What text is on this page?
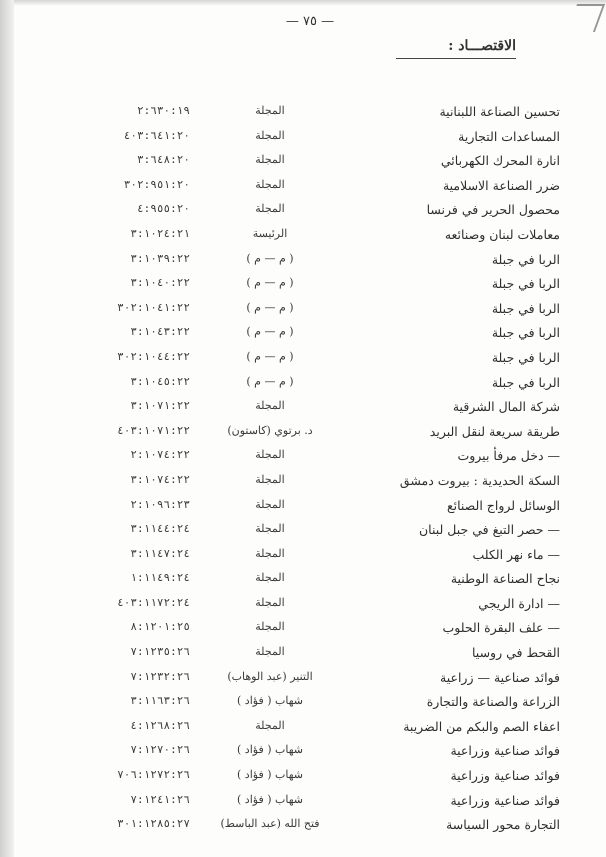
— ٧٥ —
الاقتصـــاد :
تحسين الصناعة اللبنانية
المجلة
٢:٦٣٠:١٩
المساعدات التجارية
المجلة
٤٠٣:٦٤١:٢٠
انارة المحرك الكهربائي
المجلة
٣:٦٤٨:٢٠
ضرر الصناعة الاسلامية
المجلة
٣٠٢:٩٥١:٢٠
محصول الحرير في فرنسا
المجلة
٤:٩٥٥:٢٠
معاملات لبنان وصنائعه
الرئيسة
٣:١٠٢٤:٢١
الربا في جبلة
( م — م )
٣:١٠٣٩:٢٢
الربا في جبلة
( م — م )
٣:١٠٤٠:٢٢
الربا في جبلة
( م — م )
٣٠٢:١٠٤١:٢٢
الربا في جبلة
( م — م )
٣:١٠٤٣:٢٢
الربا في جبلة
( م — م )
٣٠٢:١٠٤٤:٢٢
الربا في جبلة
( م — م )
٣:١٠٤٥:٢٢
شركة المال الشرقية
المجلة
٣:١٠٧١:٢٢
طريقة سريعة لنقل البريد
د. برتوي (كاستون)
٤٠٣:١٠٧١:٢٢
— دخل مرفأ بيروت
المجلة
٢:١٠٧٤:٢٢
السكة الحديدية : بيروت دمشق
المجلة
٣:١٠٧٤:٢٢
الوسائل لرواج الصنائع
المجلة
٢:١٠٩٦:٢٣
— حصر التبغ في جبل لبنان
المجلة
٣:١١٤٤:٢٤
— ماء نهر الكلب
المجلة
٣:١١٤٧:٢٤
نجاح الصناعة الوطنية
المجلة
١:١١٤٩:٢٤
— ادارة الريجي
المجلة
٤٠٣:١١٧٢:٢٤
— علف البقرة الحلوب
المجلة
٨:١٢٠١:٢٥
القحط في روسيا
المجلة
٧:١٢٣٥:٢٦
فوائد صناعية — زراعية
التنير (عبد الوهاب)
٧:١٢٣٢:٢٦
الزراعة والصناعة والتجارة
شهاب ( فؤاد )
٣:١١٦٣:٢٦
اعفاء الصم والبكم من الضريبة
المجلة
٤:١٢٦٨:٢٦
فوائد صناعية وزراعية
شهاب ( فؤاد )
٧:١٢٧٠:٢٦
فوائد صناعية وزراعية
شهاب ( فؤاد )
٧٠٦:١٢٧٢:٢٦
فوائد صناعية وزراعية
شهاب ( فؤاد )
٧:١٢٤١:٢٦
التجارة محور السياسة
فتح الله (عبد الباسط)
٣٠١:١٢٨٥:٢٧
